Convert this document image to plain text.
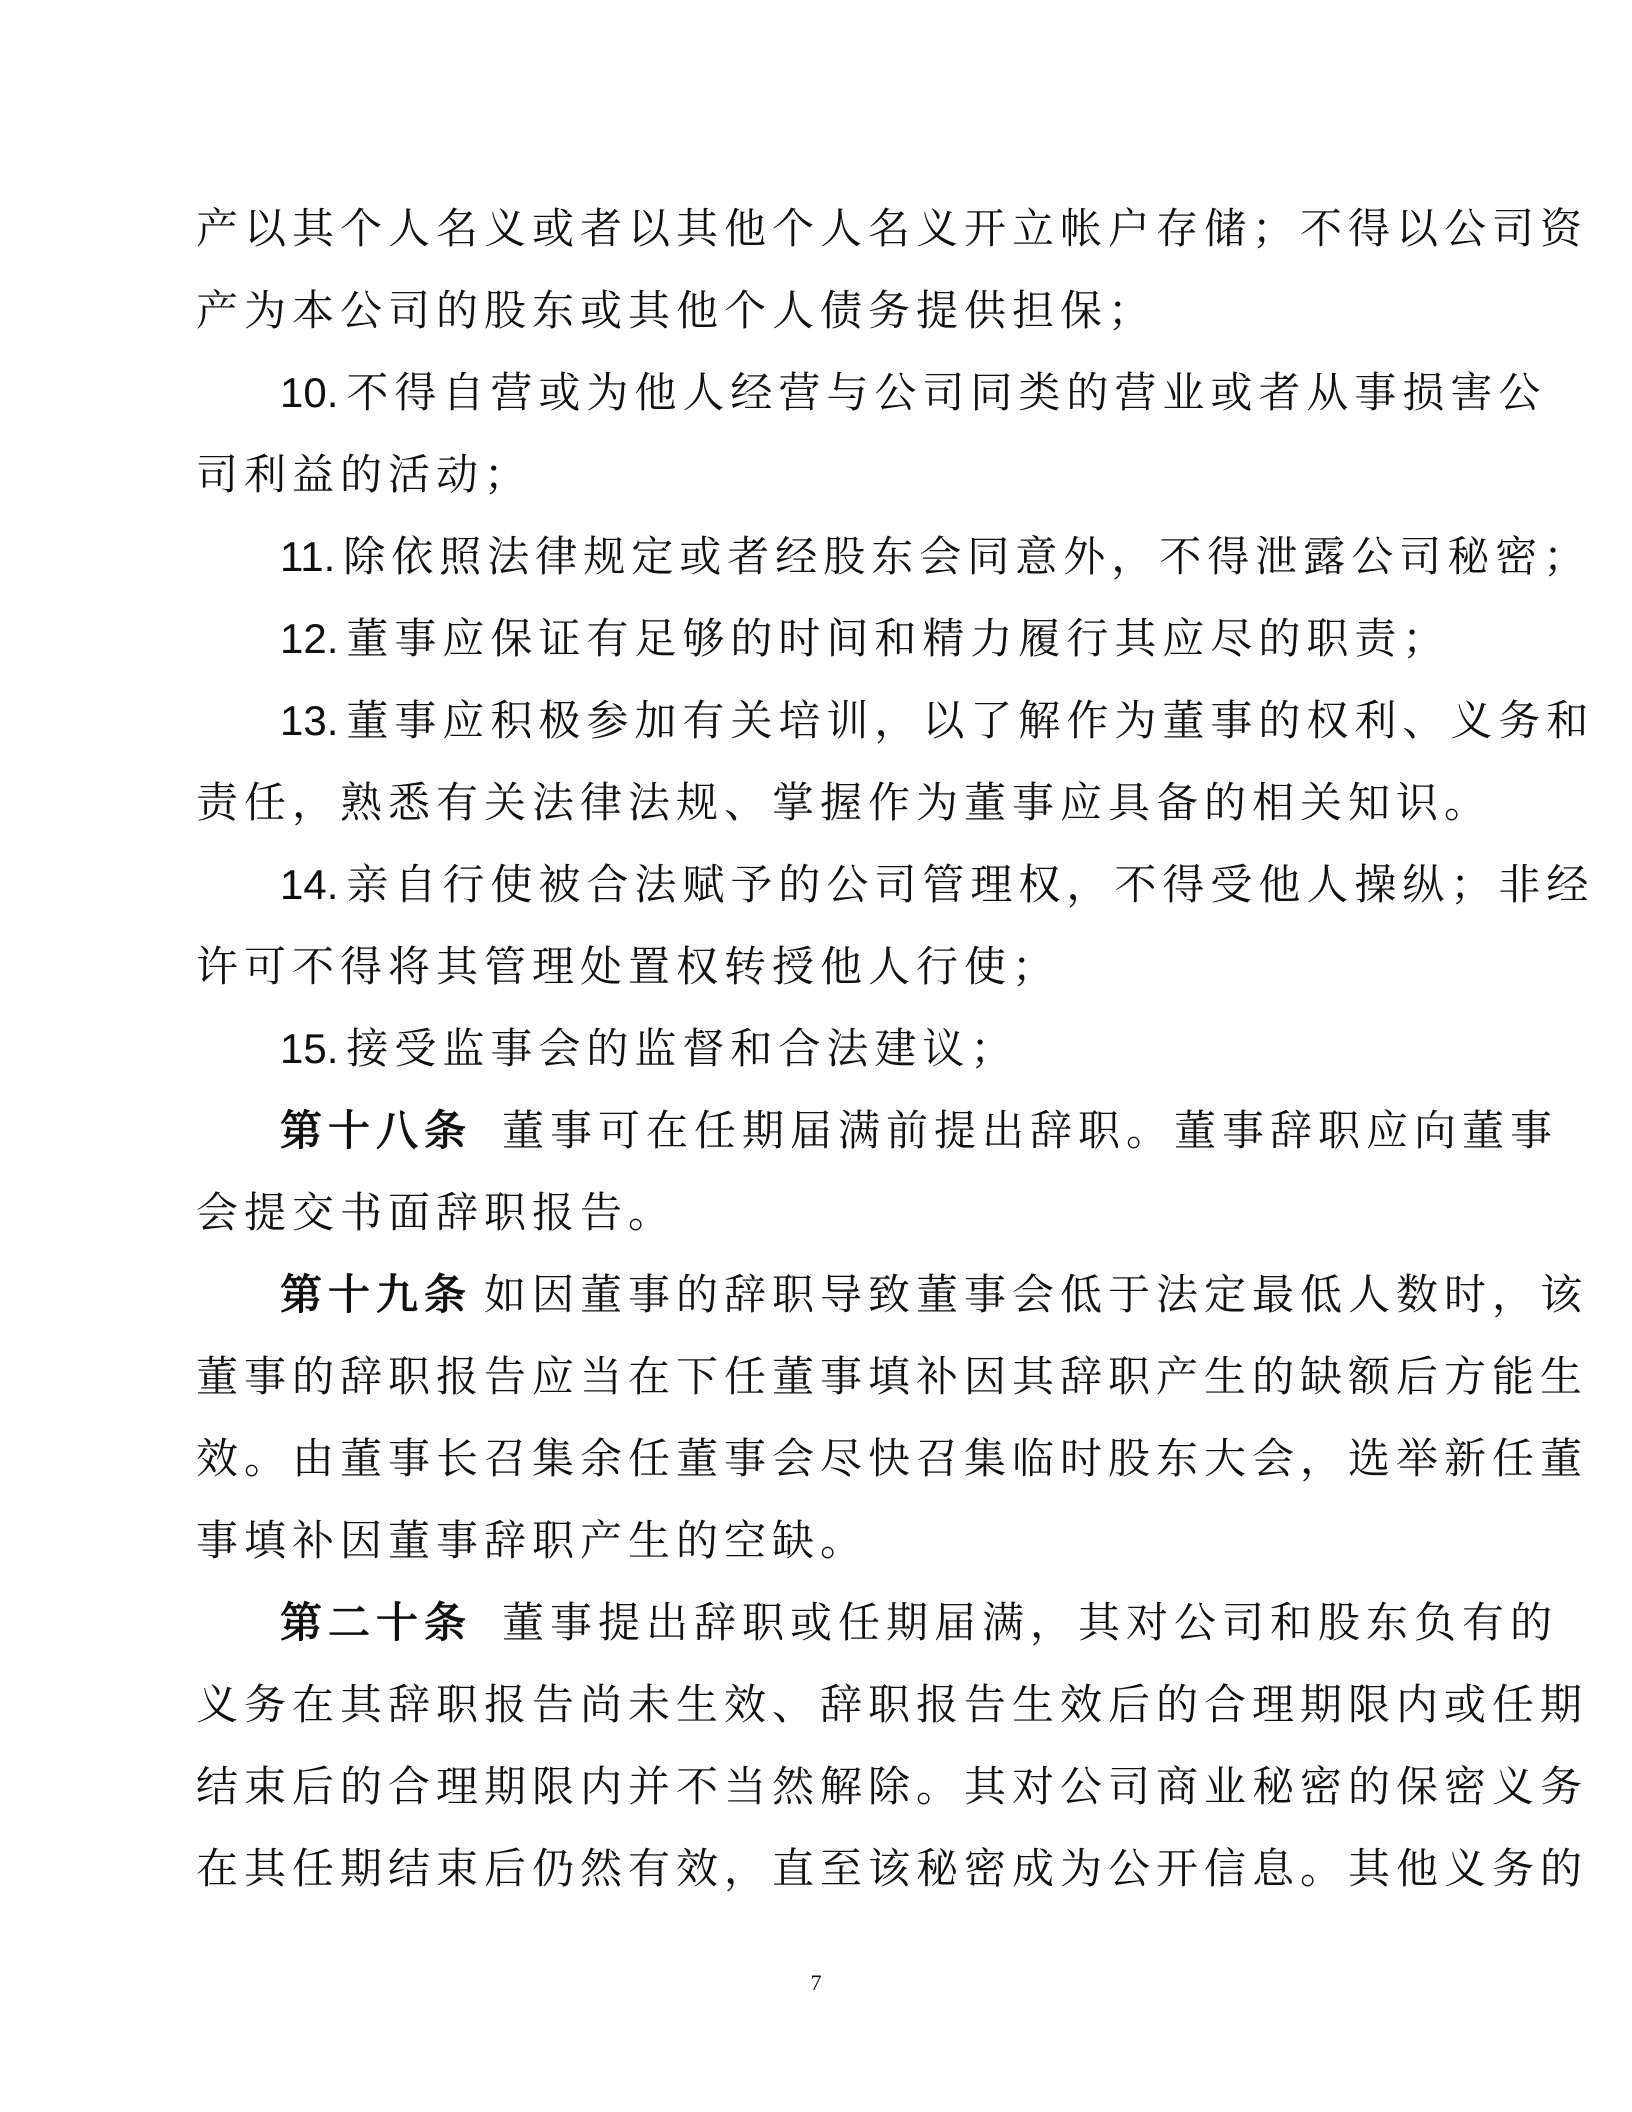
产以其个人名义或者以其他个人名义开立帐户存储；不得以公司资
产为本公司的股东或其他个人债务提供担保；
10. 不得自营或为他人经营与公司同类的营业或者从事损害公
司利益的活动；
11. 除依照法律规定或者经股东会同意外，不得泄露公司秘密；
12. 董事应保证有足够的时间和精力履行其应尽的职责；
13. 董事应积极参加有关培训，以了解作为董事的权利、义务和
责任，熟悉有关法律法规、掌握作为董事应具备的相关知识。
14. 亲自行使被合法赋予的公司管理权，不得受他人操纵；非经
许可不得将其管理处置权转授他人行使；
15. 接受监事会的监督和合法建议；
第十八条 董事可在任期届满前提出辞职。董事辞职应向董事
会提交书面辞职报告。
第十九条 如因董事的辞职导致董事会低于法定最低人数时，该
董事的辞职报告应当在下任董事填补因其辞职产生的缺额后方能生
效。由董事长召集余任董事会尽快召集临时股东大会，选举新任董
事填补因董事辞职产生的空缺。
第二十条 董事提出辞职或任期届满，其对公司和股东负有的
义务在其辞职报告尚未生效、辞职报告生效后的合理期限内或任期
结束后的合理期限内并不当然解除。其对公司商业秘密的保密义务
在其任期结束后仍然有效，直至该秘密成为公开信息。其他义务的
7
